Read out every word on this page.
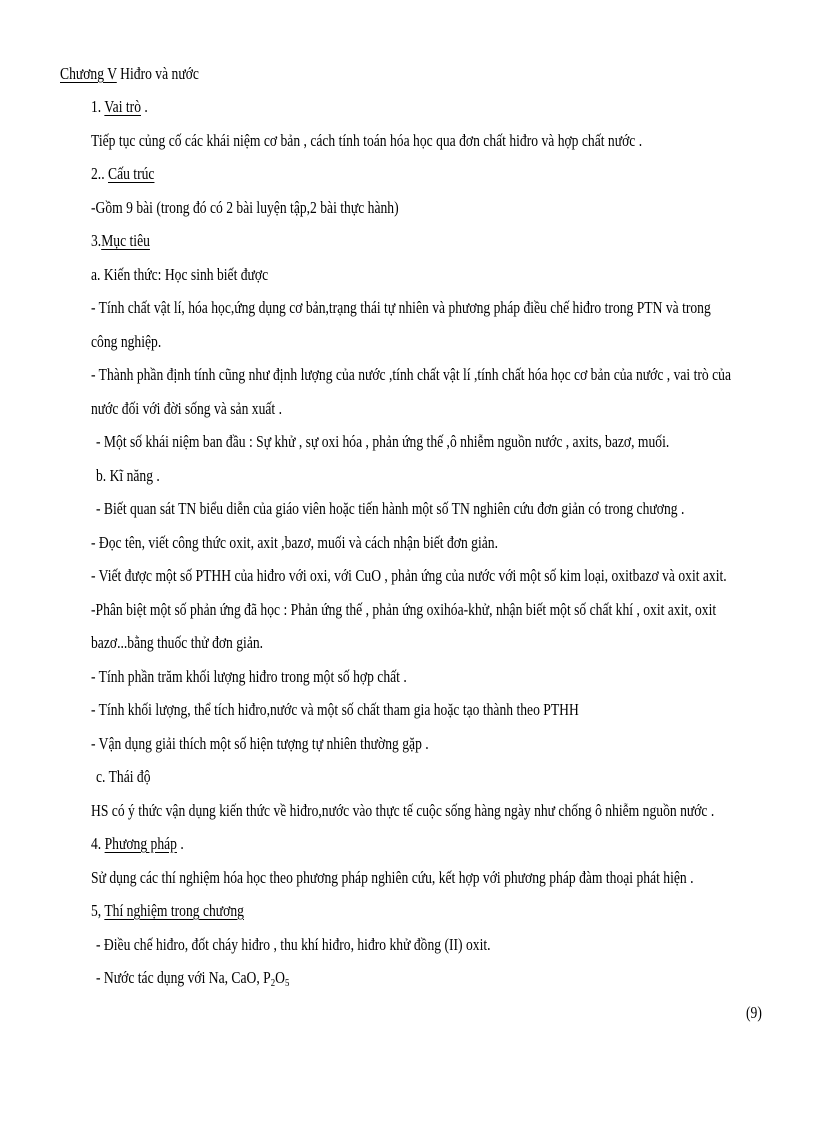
Chương V Hiđro và nước
1. Vai trò .
Tiếp tục củng cố các khái niệm cơ bản , cách tính toán hóa học qua đơn chất hiđro và hợp chất nước .
2.. Cấu trúc
-Gồm 9 bài (trong đó có 2 bài luyện tập,2 bài thực hành)
3.Mục tiêu
a. Kiến thức: Học sinh biết được
- Tính chất vật lí, hóa học,ứng dụng cơ bản,trạng thái tự nhiên và phương pháp điều chế hiđro trong PTN và trong
công nghiệp.
- Thành phần định tính cũng như định lượng của nước ,tính chất vật lí ,tính chất hóa học cơ bản của nước , vai trò của
nước đối với đời sống và sản xuất .
- Một số khái niệm ban đầu : Sự khử , sự oxi hóa , phản ứng thế ,ô nhiễm nguồn nước , axits, bazơ, muối.
b. Kĩ năng .
- Biết quan sát TN biểu diễn của giáo viên hoặc tiến hành một số TN nghiên cứu đơn giản có trong chương .
- Đọc tên, viết công thức oxit, axit ,bazơ, muối và cách nhận biết đơn giản.
- Viết được một số PTHH của hiđro với oxi, với CuO , phản ứng của nước với một số kim loại, oxitbazơ và oxit axit.
-Phân biệt một số phản ứng đã học : Phản ứng thế , phản ứng oxihóa-khử, nhận biết một số chất khí , oxit axit, oxit
bazơ...bằng thuốc thử đơn giản.
- Tính phần trăm khối lượng hiđro trong một số hợp chất .
- Tính khối lượng, thể tích hiđro,nước và một số chất tham gia hoặc tạo thành theo PTHH
- Vận dụng giải thích một số hiện tượng tự nhiên thường gặp .
c. Thái độ
HS có ý thức vận dụng kiến thức về hiđro,nước vào thực tế cuộc sống hàng ngày như chống ô nhiễm nguồn nước .
4. Phương pháp .
Sử dụng các thí nghiệm hóa học theo phương pháp nghiên cứu, kết hợp với phương pháp đàm thoại phát hiện .
5, Thí nghiệm trong chương
- Điều chế hiđro, đốt cháy hiđro , thu khí hiđro, hiđro khử đồng (II) oxit.
- Nước tác dụng với Na, CaO, $P_2O_5$
(9)
